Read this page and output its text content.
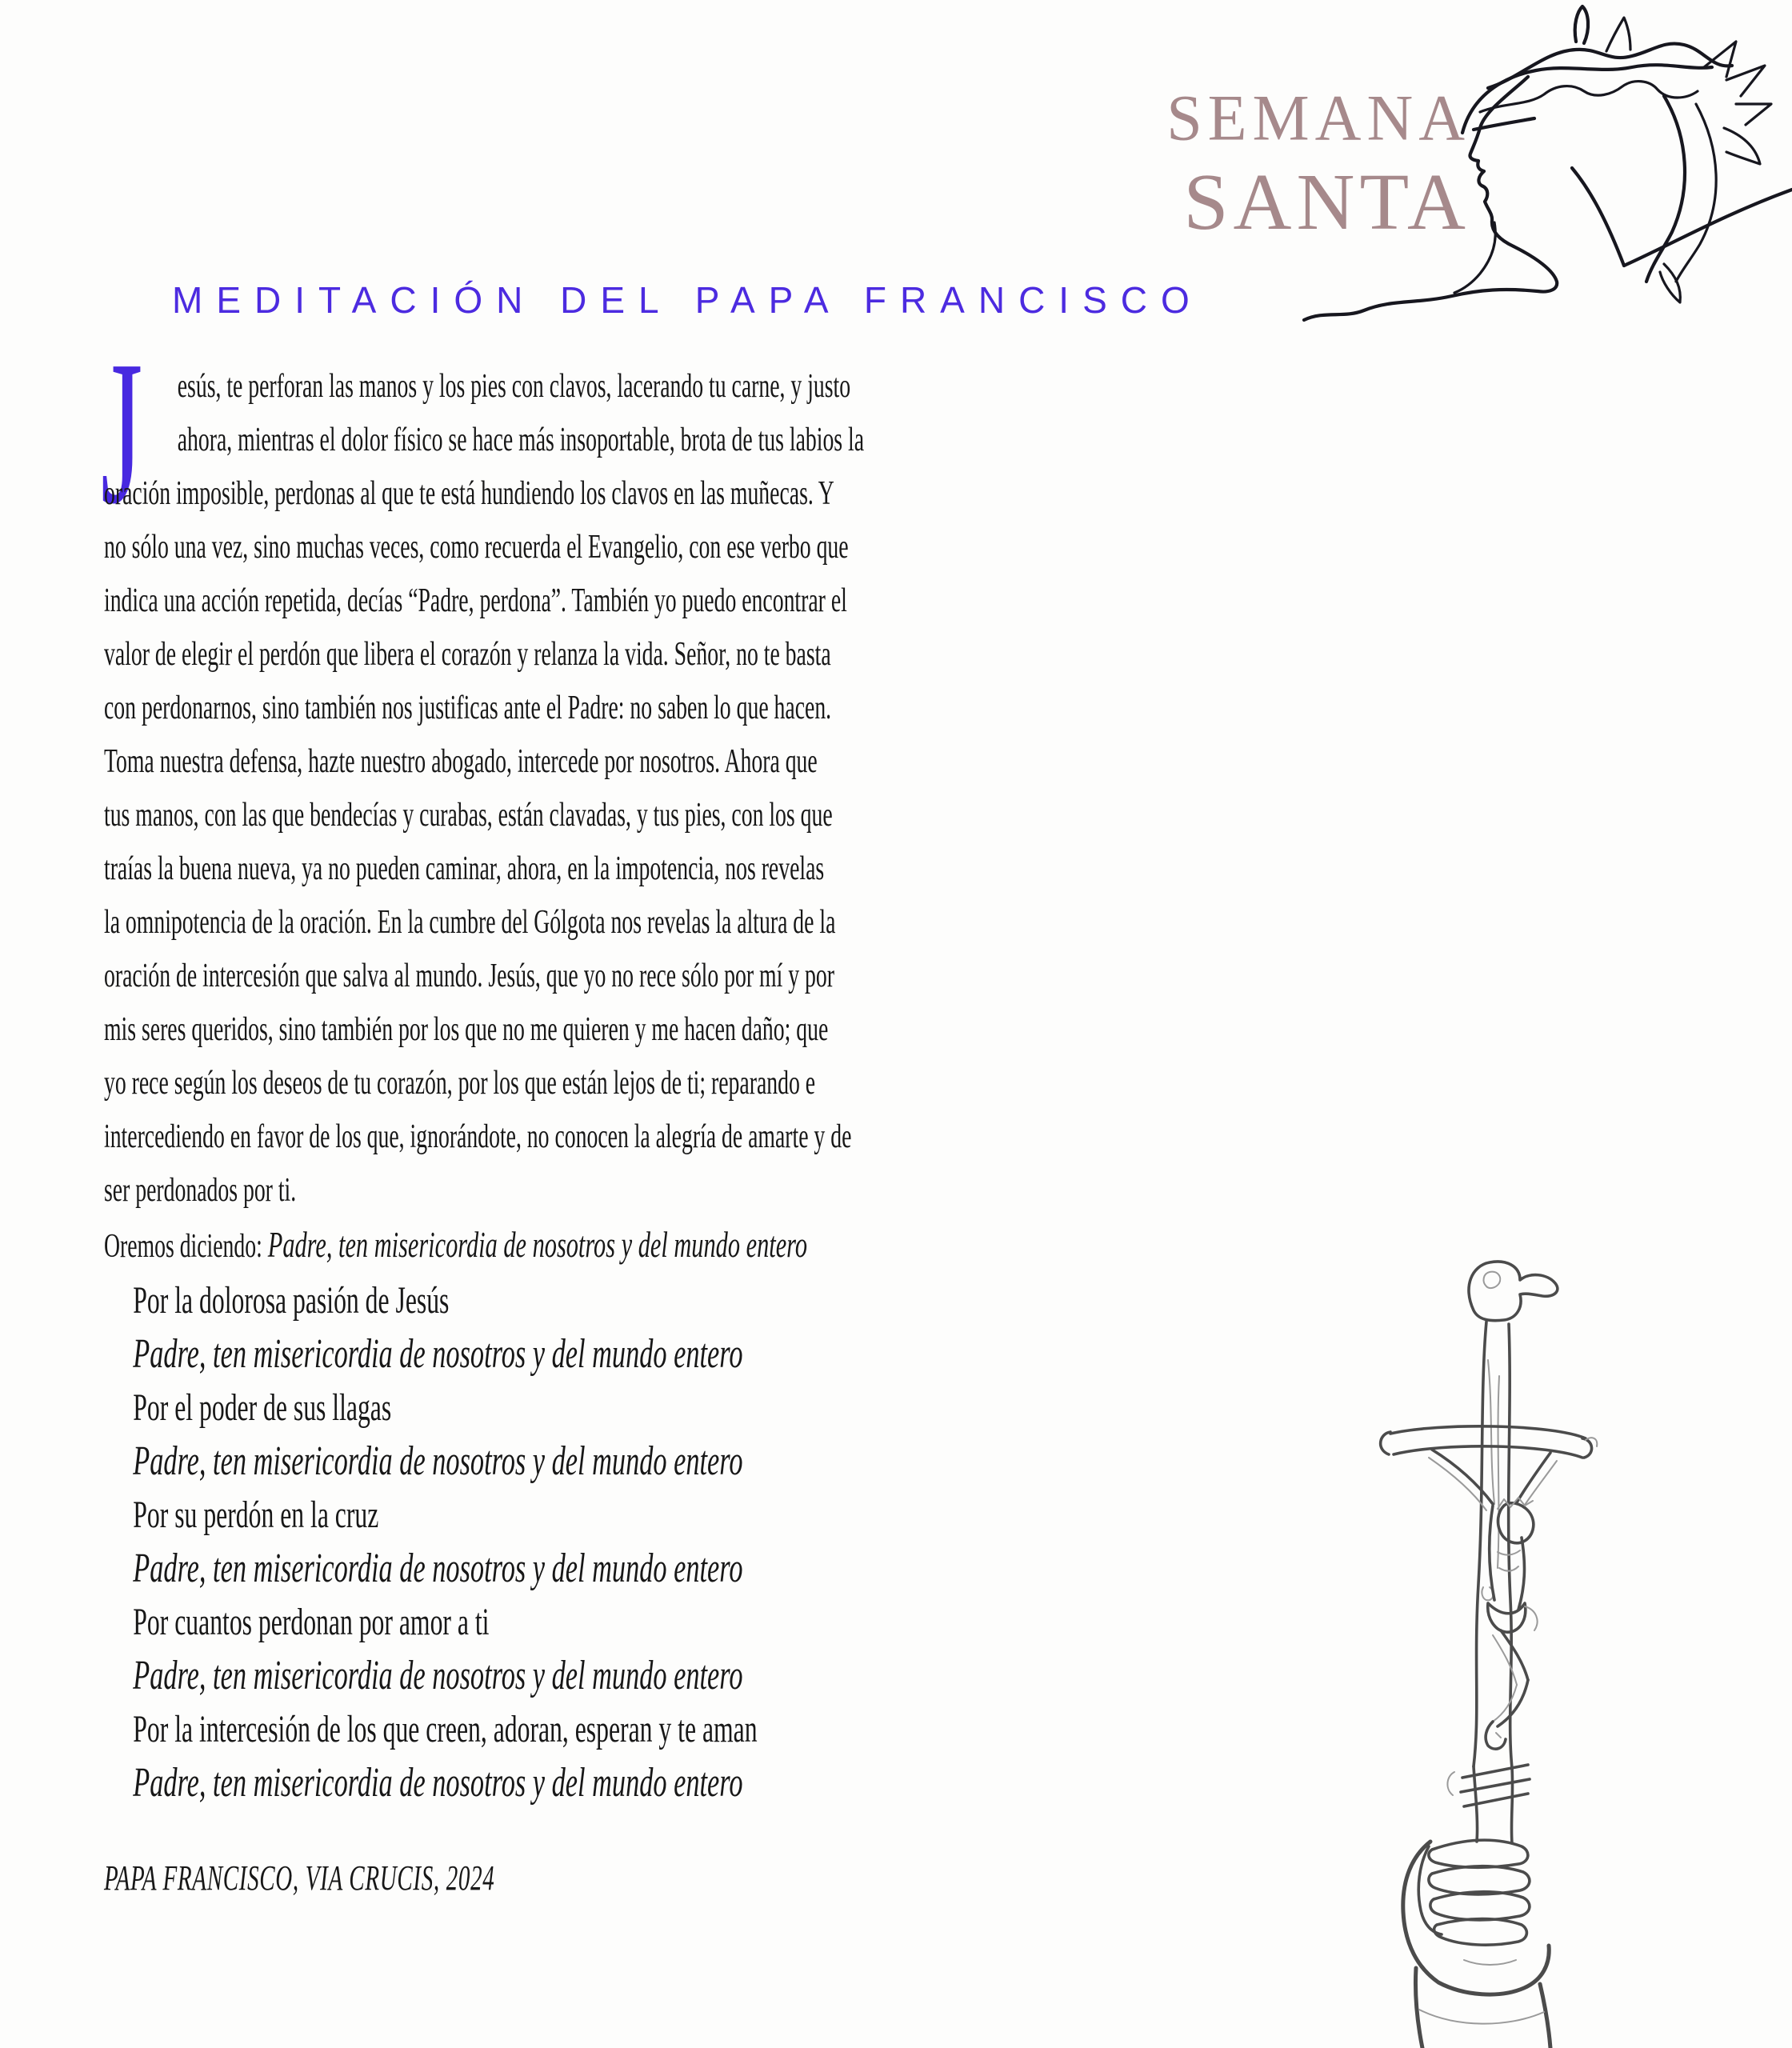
SEMANA
SANTA
MEDITACIÓN DEL PAPA FRANCISCO
J	esús, te perforan las manos y los pies con clavos, lacerando tu carne, y justo
ahora, mientras el dolor físico se hace más insoportable, brota de tus labios la
oración imposible, perdonas al que te está hundiendo los clavos en las muñecas. Y
no sólo una vez, sino muchas veces, como recuerda el Evangelio, con ese verbo que
indica una acción repetida, decías “Padre, perdona”. También yo puedo encontrar el
valor de elegir el perdón que libera el corazón y relanza la vida. Señor, no te basta
con perdonarnos, sino también nos justificas ante el Padre: no saben lo que hacen.
Toma nuestra defensa, hazte nuestro abogado, intercede por nosotros. Ahora que
tus manos, con las que bendecías y curabas, están clavadas, y tus pies, con los que
traías la buena nueva, ya no pueden caminar, ahora, en la impotencia, nos revelas
la omnipotencia de la oración. En la cumbre del Gólgota nos revelas la altura de la
oración de intercesión que salva al mundo. Jesús, que yo no rece sólo por mí y por
mis seres queridos, sino también por los que no me quieren y me hacen daño; que
yo rece según los deseos de tu corazón, por los que están lejos de ti; reparando e
intercediendo en favor de los que, ignorándote, no conocen la alegría de amarte y de
ser perdonados por ti.
Oremos diciendo: Padre, ten misericordia de nosotros y del mundo entero
Por la dolorosa pasión de Jesús
Padre, ten misericordia de nosotros y del mundo entero
Por el poder de sus llagas
Padre, ten misericordia de nosotros y del mundo entero
Por su perdón en la cruz
Padre, ten misericordia de nosotros y del mundo entero
Por cuantos perdonan por amor a ti
Padre, ten misericordia de nosotros y del mundo entero
Por la intercesión de los que creen, adoran, esperan y te aman
Padre, ten misericordia de nosotros y del mundo entero
PAPA FRANCISCO, VIA CRUCIS, 2024
